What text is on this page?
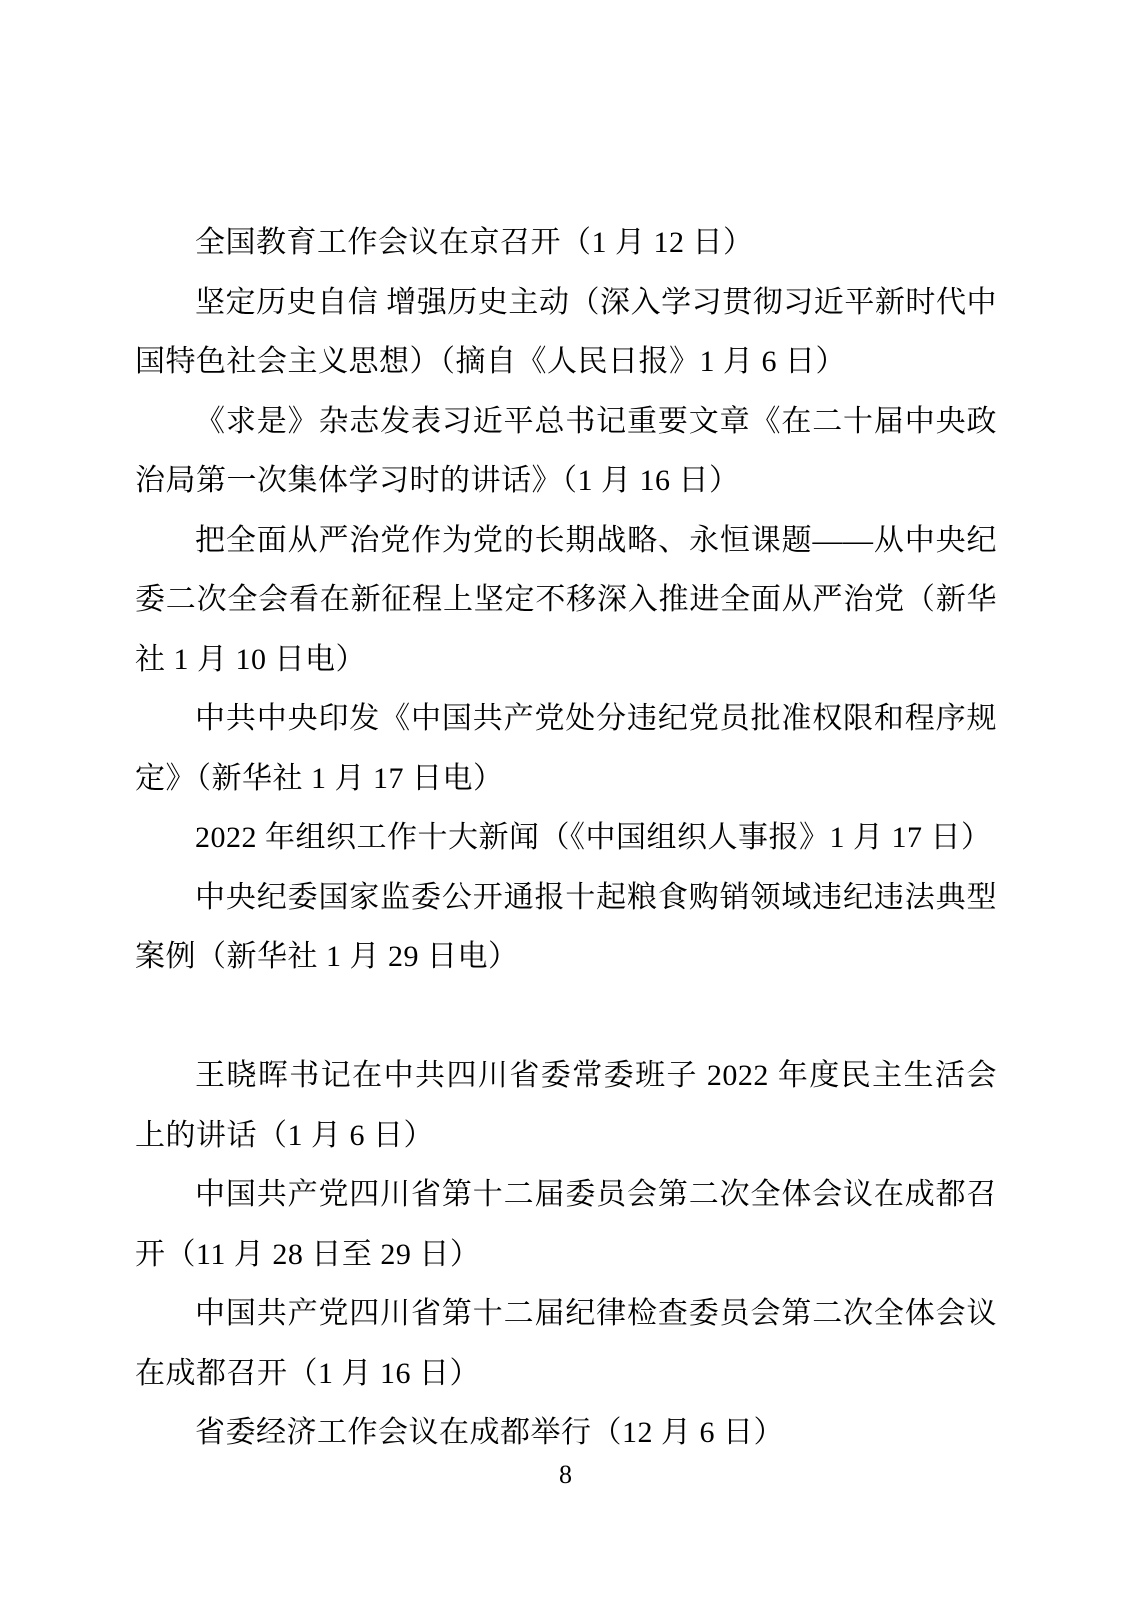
全国教育工作会议在京召开（1 月 12 日）

坚定历史自信 增强历史主动（深入学习贯彻习近平新时代中国特色社会主义思想）（摘自《人民日报》1 月 6 日）

《求是》杂志发表习近平总书记重要文章《在二十届中央政治局第一次集体学习时的讲话》（1 月 16 日）

把全面从严治党作为党的长期战略、永恒课题——从中央纪委二次全会看在新征程上坚定不移深入推进全面从严治党（新华社 1 月 10 日电）

中共中央印发《中国共产党处分违纪党员批准权限和程序规定》（新华社 1 月 17 日电）

2022 年组织工作十大新闻（《中国组织人事报》1 月 17 日）

中央纪委国家监委公开通报十起粮食购销领域违纪违法典型案例（新华社 1 月 29 日电）

王晓晖书记在中共四川省委常委班子 2022 年度民主生活会上的讲话（1 月 6 日）

中国共产党四川省第十二届委员会第二次全体会议在成都召开（11 月 28 日至 29 日）

中国共产党四川省第十二届纪律检查委员会第二次全体会议在成都召开（1 月 16 日）

省委经济工作会议在成都举行（12 月 6 日）

8
